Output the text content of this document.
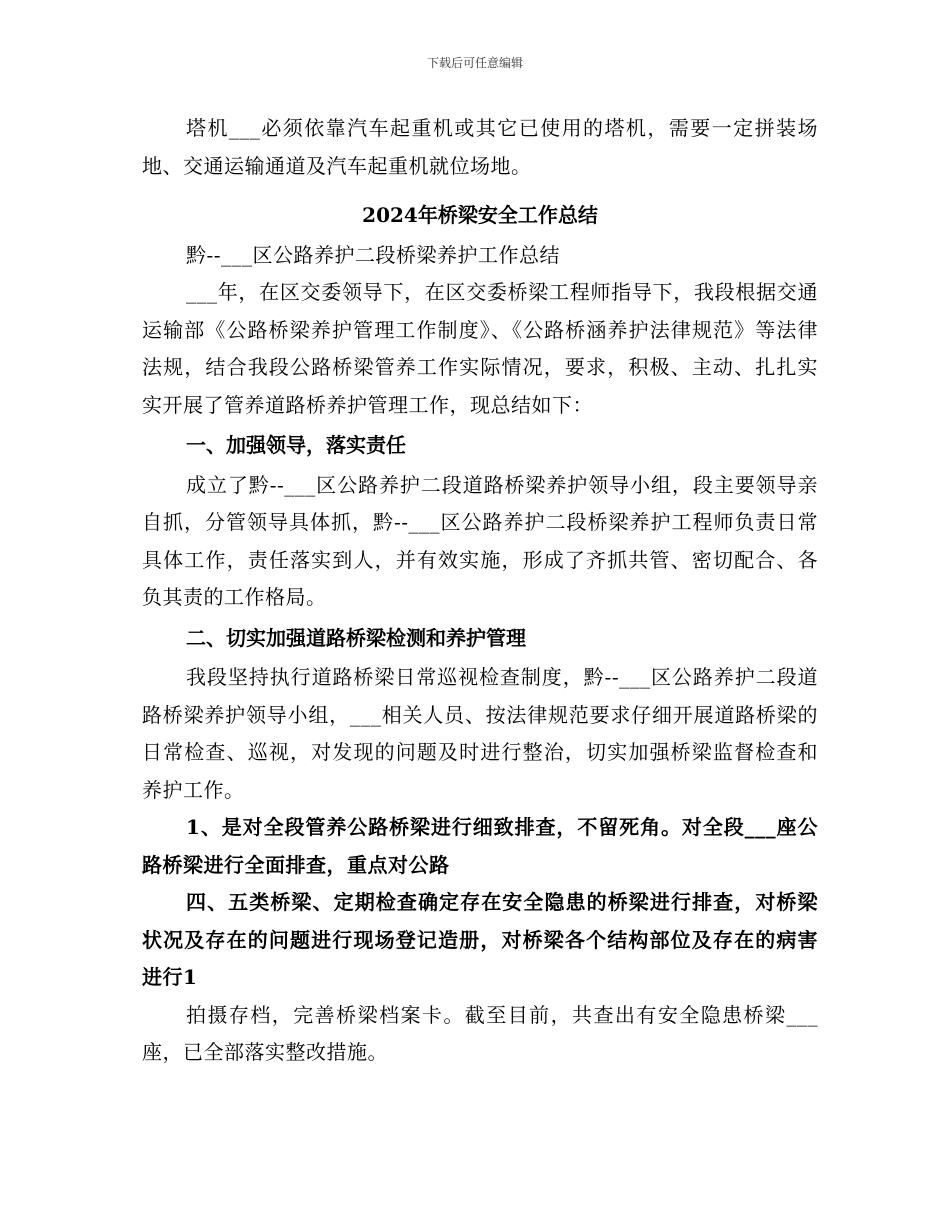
下载后可任意编辑

塔机___必须依靠汽车起重机或其它已使用的塔机，需要一定拼装场地、交通运输通道及汽车起重机就位场地。

2024年桥梁安全工作总结

黔--___区公路养护二段桥梁养护工作总结

___年，在区交委领导下，在区交委桥梁工程师指导下，我段根据交通运输部《公路桥梁养护管理工作制度》、《公路桥涵养护法律规范》等法律法规，结合我段公路桥梁管养工作实际情况，要求，积极、主动、扎扎实实开展了管养道路桥养护管理工作，现总结如下：

一、加强领导，落实责任

成立了黔--___区公路养护二段道路桥梁养护领导小组，段主要领导亲自抓，分管领导具体抓，黔--___区公路养护二段桥梁养护工程师负责日常具体工作，责任落实到人，并有效实施，形成了齐抓共管、密切配合、各负其责的工作格局。

二、切实加强道路桥梁检测和养护管理

我段坚持执行道路桥梁日常巡视检查制度，黔--___区公路养护二段道路桥梁养护领导小组，___相关人员、按法律规范要求仔细开展道路桥梁的日常检查、巡视，对发现的问题及时进行整治，切实加强桥梁监督检查和养护工作。

1、是对全段管养公路桥梁进行细致排查，不留死角。对全段___座公路桥梁进行全面排查，重点对公路

四、五类桥梁、定期检查确定存在安全隐患的桥梁进行排查，对桥梁状况及存在的问题进行现场登记造册，对桥梁各个结构部位及存在的病害进行1

拍摄存档，完善桥梁档案卡。截至目前，共查出有安全隐患桥梁___座，已全部落实整改措施。
